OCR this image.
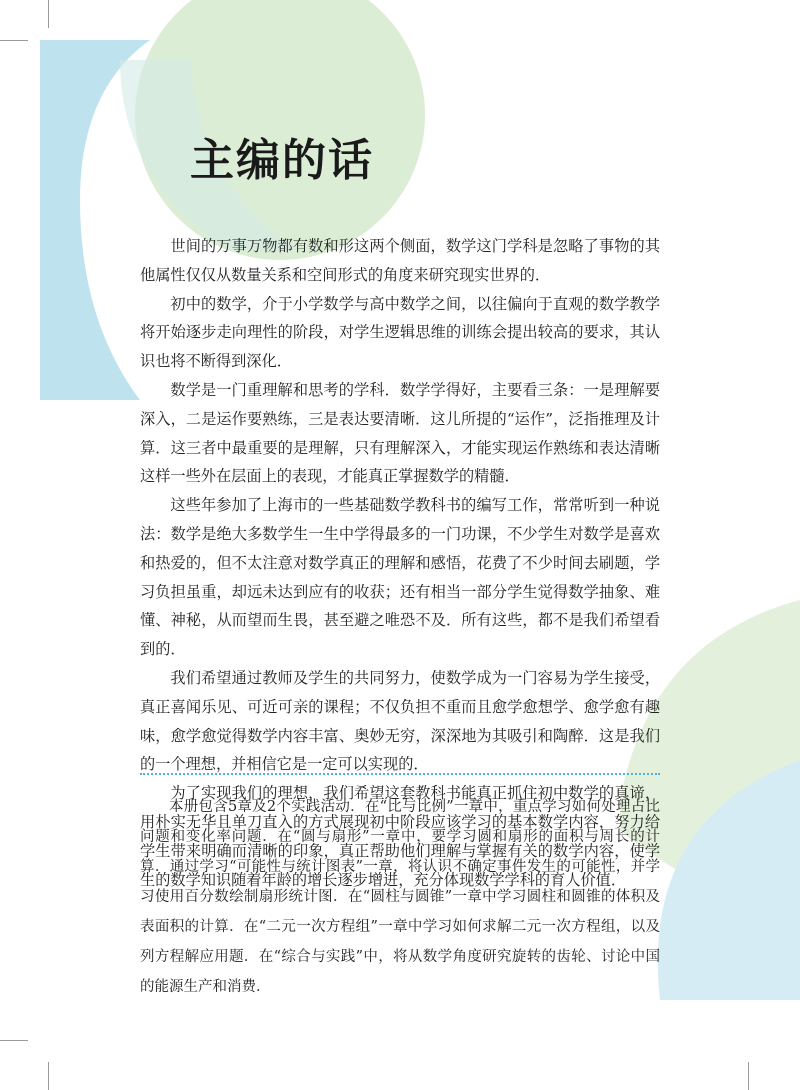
主编的话

世间的万事万物都有数和形这两个侧面，数学这门学科是忽略了事物的其他属性仅仅从数量关系和空间形式的角度来研究现实世界的．

初中的数学，介于小学数学与高中数学之间，以往偏向于直观的数学教学将开始逐步走向理性的阶段，对学生逻辑思维的训练会提出较高的要求，其认识也将不断得到深化．

数学是一门重理解和思考的学科．数学学得好，主要看三条：一是理解要深入，二是运作要熟练，三是表达要清晰．这儿所提的“运作”，泛指推理及计算．这三者中最重要的是理解，只有理解深入，才能实现运作熟练和表达清晰这样一些外在层面上的表现，才能真正掌握数学的精髓．

这些年参加了上海市的一些基础数学教科书的编写工作，常常听到一种说法：数学是绝大多数学生一生中学得最多的一门功课，不少学生对数学是喜欢和热爱的，但不太注意对数学真正的理解和感悟，花费了不少时间去刷题，学习负担虽重，却远未达到应有的收获；还有相当一部分学生觉得数学抽象、难懂、神秘，从而望而生畏，甚至避之唯恐不及．所有这些，都不是我们希望看到的．

我们希望通过教师及学生的共同努力，使数学成为一门容易为学生接受，真正喜闻乐见、可近可亲的课程；不仅负担不重而且愈学愈想学、愈学愈有趣味，愈学愈觉得数学内容丰富、奥妙无穷，深深地为其吸引和陶醉．这是我们的一个理想，并相信它是一定可以实现的．

为了实现我们的理想，我们希望这套教科书能真正抓住初中数学的真谛，用朴实无华且单刀直入的方式展现初中阶段应该学习的基本数学内容，努力给学生带来明确而清晰的印象，真正帮助他们理解与掌握有关的数学内容，使学生的数学知识随着年龄的增长逐步增进，充分体现数学学科的育人价值．

本册包含5章及2个实践活动．在“比与比例”一章中，重点学习如何处理占比问题和变化率问题．在“圆与扇形”一章中，要学习圆和扇形的面积与周长的计算．通过学习“可能性与统计图表”一章，将认识不确定事件发生的可能性，并学习使用百分数绘制扇形统计图．在“圆柱与圆锥”一章中学习圆柱和圆锥的体积及表面积的计算．在“二元一次方程组”一章中学习如何求解二元一次方程组，以及列方程解应用题．在“综合与实践”中，将从数学角度研究旋转的齿轮、讨论中国的能源生产和消费．
